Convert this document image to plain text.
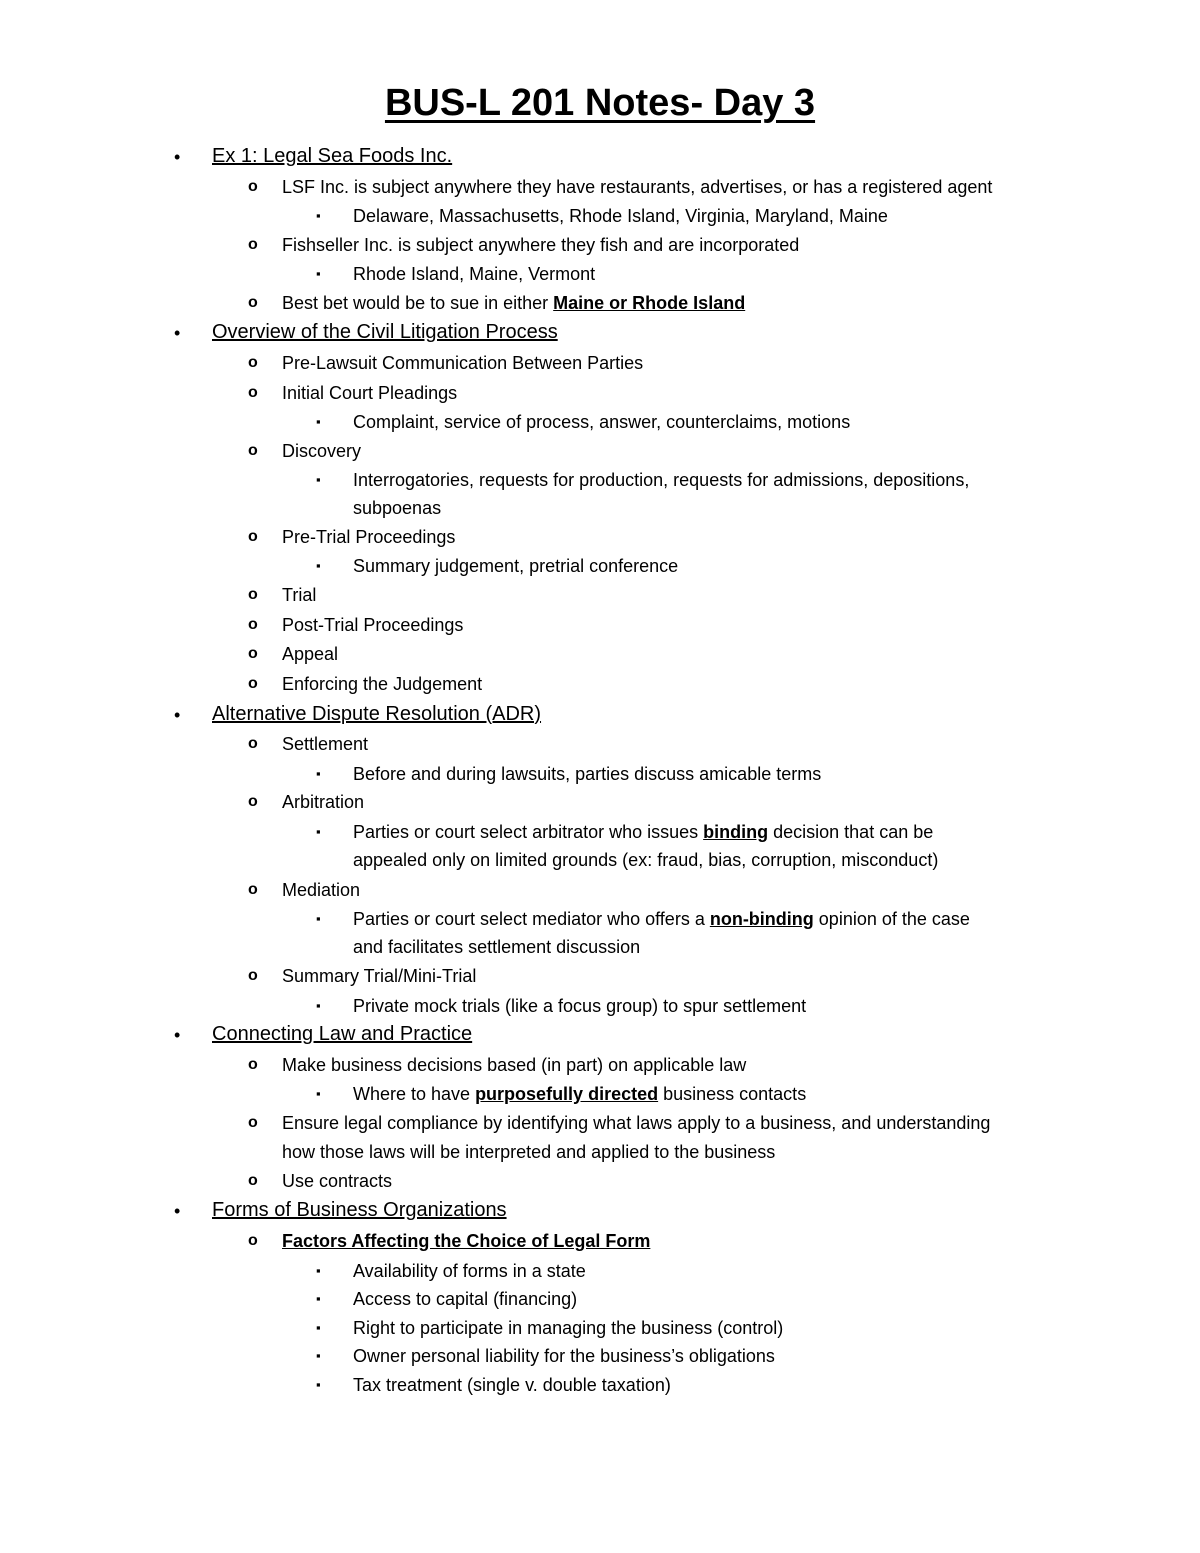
BUS-L 201 Notes- Day 3
• Ex 1: Legal Sea Foods Inc.
o LSF Inc. is subject anywhere they have restaurants, advertises, or has a registered agent
▪ Delaware, Massachusetts, Rhode Island, Virginia, Maryland, Maine
o Fishseller Inc. is subject anywhere they fish and are incorporated
▪ Rhode Island, Maine, Vermont
o Best bet would be to sue in either Maine or Rhode Island
• Overview of the Civil Litigation Process
o Pre-Lawsuit Communication Between Parties
o Initial Court Pleadings
▪ Complaint, service of process, answer, counterclaims, motions
o Discovery
▪ Interrogatories, requests for production, requests for admissions, depositions,
subpoenas
o Pre-Trial Proceedings
▪ Summary judgement, pretrial conference
o Trial
o Post-Trial Proceedings
o Appeal
o Enforcing the Judgement
• Alternative Dispute Resolution (ADR)
o Settlement
▪ Before and during lawsuits, parties discuss amicable terms
o Arbitration
▪ Parties or court select arbitrator who issues binding decision that can be
appealed only on limited grounds (ex: fraud, bias, corruption, misconduct)
o Mediation
▪ Parties or court select mediator who offers a non-binding opinion of the case
and facilitates settlement discussion
o Summary Trial/Mini-Trial
▪ Private mock trials (like a focus group) to spur settlement
• Connecting Law and Practice
o Make business decisions based (in part) on applicable law
▪ Where to have purposefully directed business contacts
o Ensure legal compliance by identifying what laws apply to a business, and understanding
how those laws will be interpreted and applied to the business
o Use contracts
• Forms of Business Organizations
o Factors Affecting the Choice of Legal Form
▪ Availability of forms in a state
▪ Access to capital (financing)
▪ Right to participate in managing the business (control)
▪ Owner personal liability for the business’s obligations
▪ Tax treatment (single v. double taxation)
